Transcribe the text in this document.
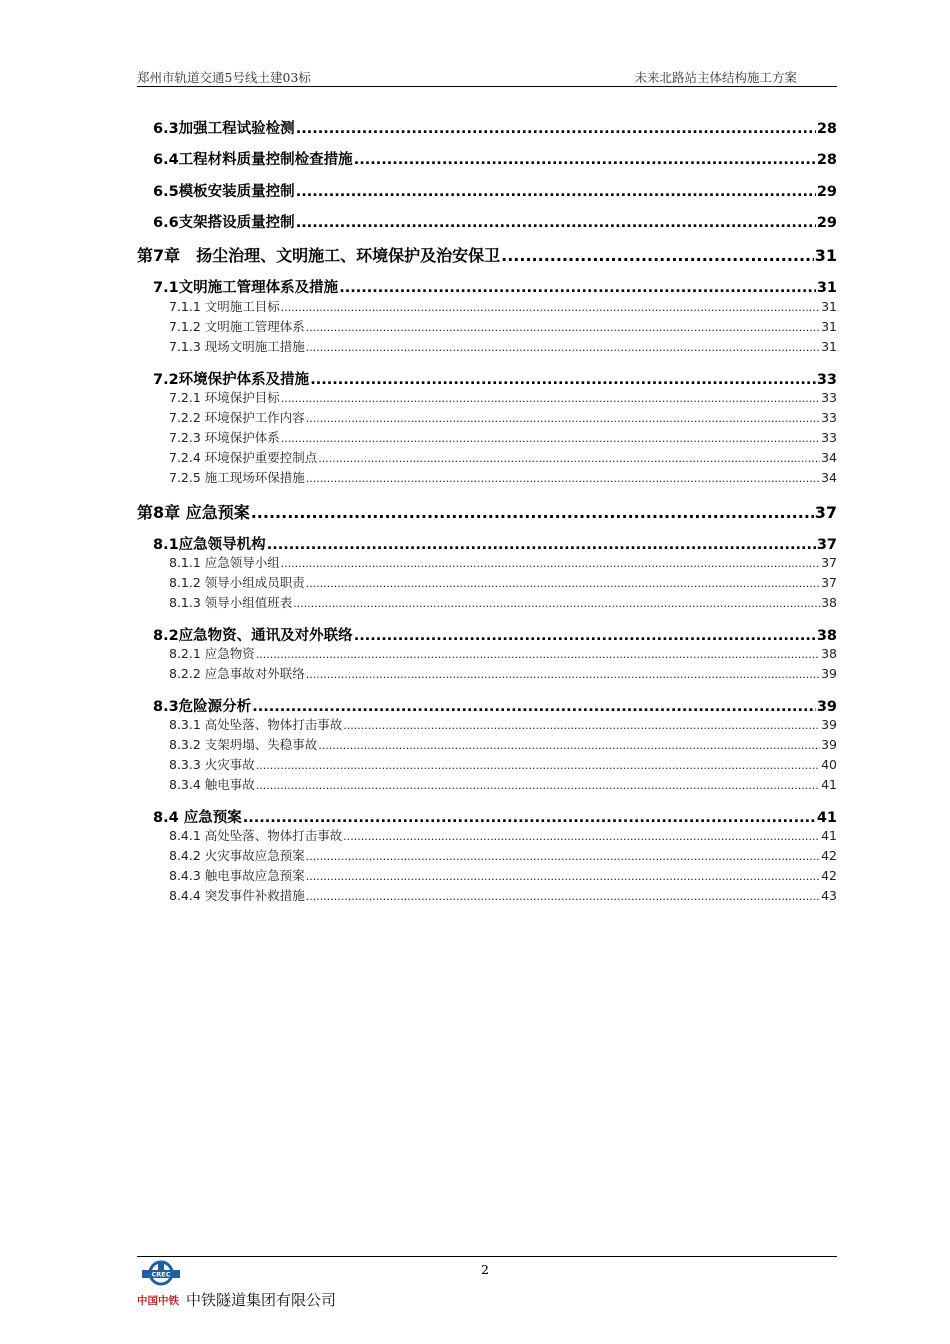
郑州市轨道交通5号线土建03标	未来北路站主体结构施工方案
6.3加强工程试验检测 .....	28
6.4工程材料质量控制检查措施 .....	28
6.5模板安装质量控制 .....	29
6.6支架搭设质量控制 .....	29
第7章　扬尘治理、文明施工、环境保护及治安保卫 .....	31
7.1文明施工管理体系及措施 .....	31
7.1.1 文明施工目标 .....	31
7.1.2 文明施工管理体系 .....	31
7.1.3 现场文明施工措施 .....	31
7.2环境保护体系及措施 .....	33
7.2.1 环境保护目标 .....	33
7.2.2 环境保护工作内容 .....	33
7.2.3 环境保护体系 .....	33
7.2.4 环境保护重要控制点 .....	34
7.2.5 施工现场环保措施 .....	34
第8章 应急预案 .....	37
8.1应急领导机构 .....	37
8.1.1 应急领导小组 .....	37
8.1.2 领导小组成员职责 .....	37
8.1.3 领导小组值班表 .....	38
8.2应急物资、通讯及对外联络 .....	38
8.2.1 应急物资 .....	38
8.2.2 应急事故对外联络 .....	39
8.3危险源分析 .....	39
8.3.1 高处坠落、物体打击事故 .....	39
8.3.2 支架坍塌、失稳事故 .....	39
8.3.3 火灾事故 .....	40
8.3.4 触电事故 .....	41
8.4 应急预案 .....	41
8.4.1 高处坠落、物体打击事故 .....	41
8.4.2 火灾事故应急预案 .....	42
8.4.3 触电事故应急预案 .....	42
8.4.4 突发事件补救措施 .....	43
2
CREC
中国中铁 中铁隧道集团有限公司
